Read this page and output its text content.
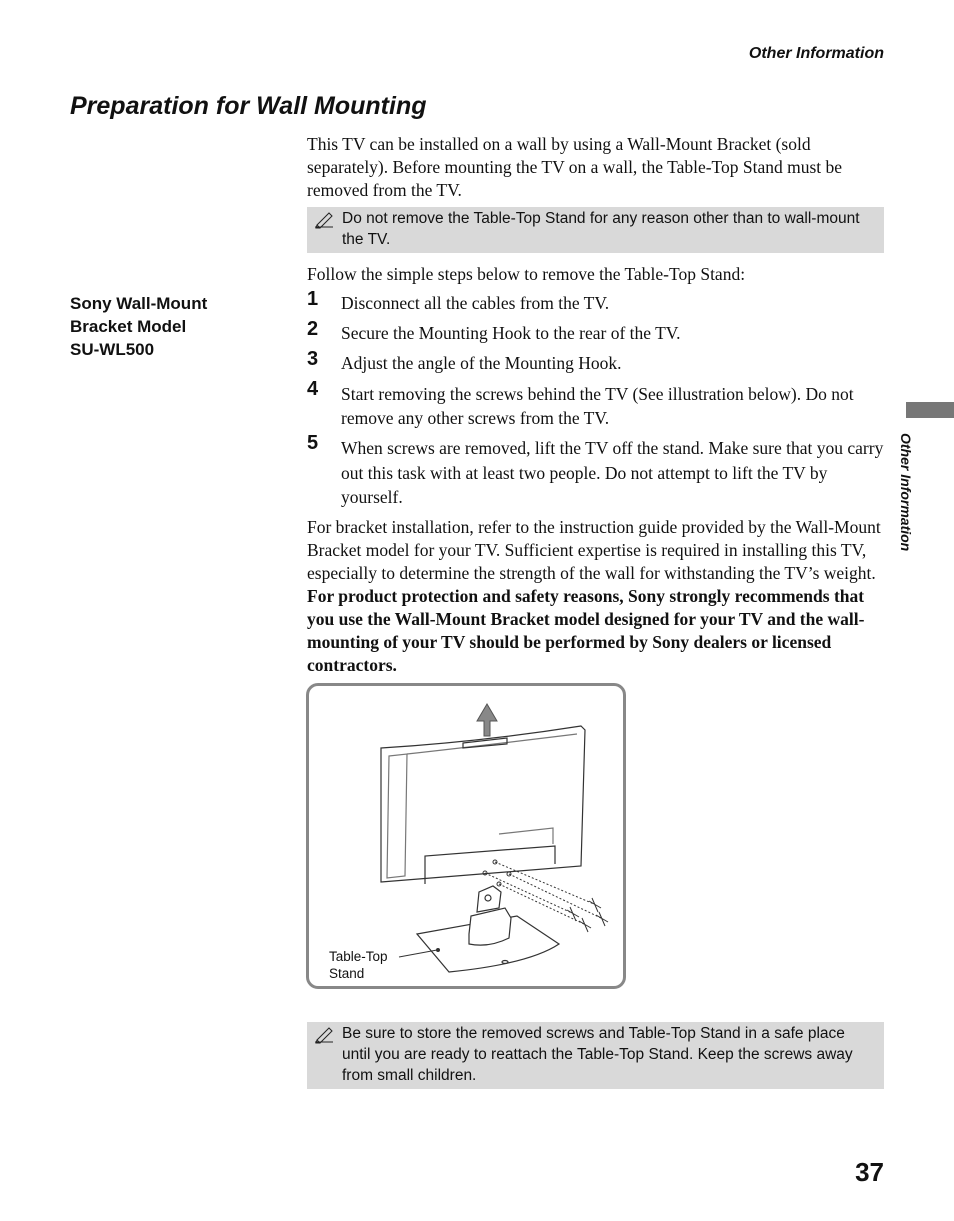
Other Information
Preparation for Wall Mounting

This TV can be installed on a wall by using a Wall-Mount Bracket (sold separately). Before mounting the TV on a wall, the Table-Top Stand must be removed from the TV.

Do not remove the Table-Top Stand for any reason other than to wall-mount the TV.

Follow the simple steps below to remove the Table-Top Stand:

Sony Wall-Mount
Bracket Model
SU-WL500
1 Disconnect all the cables from the TV.
2 Secure the Mounting Hook to the rear of the TV.
3 Adjust the angle of the Mounting Hook.
4 Start removing the screws behind the TV (See illustration below). Do not remove any other screws from the TV.
5 When screws are removed, lift the TV off the stand. Make sure that you carry out this task with at least two people. Do not attempt to lift the TV by yourself.

For bracket installation, refer to the instruction guide provided by the Wall-Mount Bracket model for your TV. Sufficient expertise is required in installing this TV, especially to determine the strength of the wall for withstanding the TV’s weight. For product protection and safety reasons, Sony strongly recommends that you use the Wall-Mount Bracket model designed for your TV and the wall-mounting of your TV should be performed by Sony dealers or licensed contractors.

Table-Top
Stand
Be sure to store the removed screws and Table-Top Stand in a safe place until you are ready to reattach the Table-Top Stand. Keep the screws away from small children.
Other Information
37
